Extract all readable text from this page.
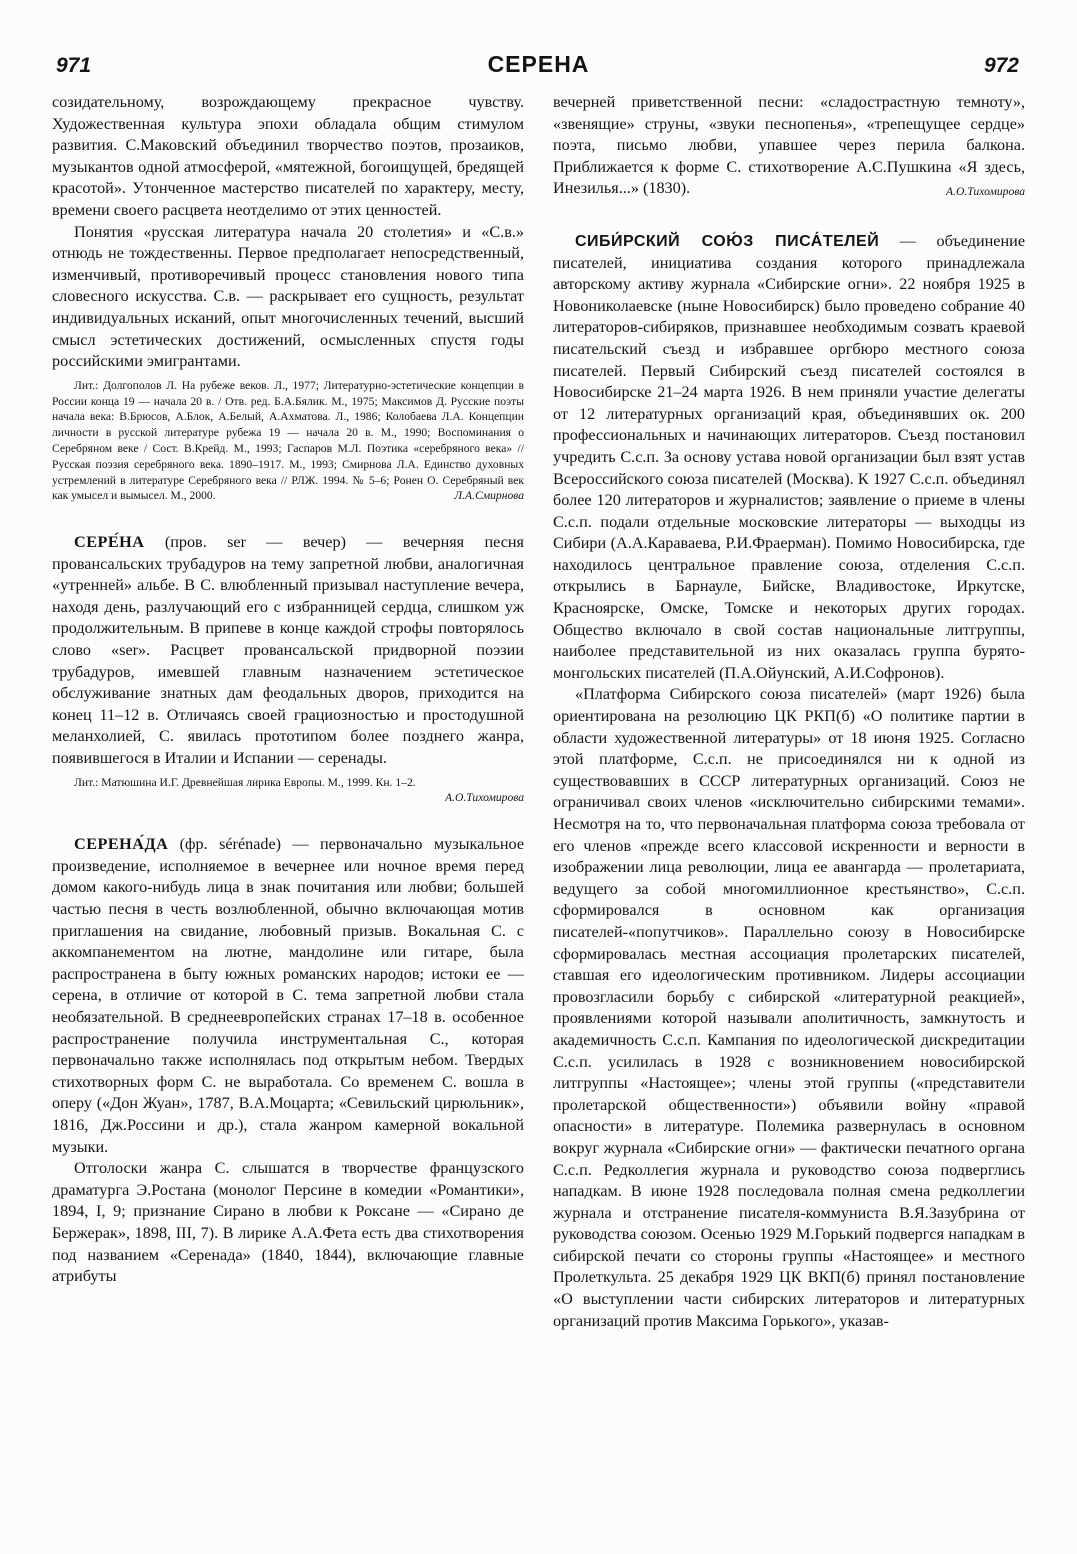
971	СЕРЕНА	972

созидательному, возрождающему прекрасное чувству. Художественная культура эпохи обладала общим стимулом развития. С.Маковский объединил творчество поэтов, прозаиков, музыкантов одной атмосферой, «мятежной, богоищущей, бредящей красотой». Утонченное мастерство писателей по характеру, месту, времени своего расцвета неотделимо от этих ценностей.

Понятия «русская литература начала 20 столетия» и «С.в.» отнюдь не тождественны. Первое предполагает непосредственный, изменчивый, противоречивый процесс становления нового типа словесного искусства. С.в. — раскрывает его сущность, результат индивидуальных исканий, опыт многочисленных течений, высший смысл эстетических достижений, осмысленных спустя годы российскими эмигрантами.

Лит.: Долгополов Л. На рубеже веков. Л., 1977; Литературно-эстетические концепции в России конца 19 — начала 20 в. / Отв. ред. Б.А.Бялик. М., 1975; Максимов Д. Русские поэты начала века: В.Брюсов, А.Блок, А.Белый, А.Ахматова. Л., 1986; Колобаева Л.А. Концепции личности в русской литературе рубежа 19 — начала 20 в. М., 1990; Воспоминания о Серебряном веке / Сост. В.Крейд. М., 1993; Гаспаров М.Л. Поэтика «серебряного века» // Русская поэзия серебряного века. 1890–1917. М., 1993; Смирнова Л.А. Единство духовных устремлений в литературе Серебряного века // РЛЖ. 1994. № 5–6; Ронен О. Серебряный век как умысел и вымысел. М., 2000.	Л.А.Смирнова

СЕРЕ́НА (пров. ser — вечер) — вечерняя песня провансальских трубадуров на тему запретной любви, аналогичная «утренней» альбе. В С. влюбленный призывал наступление вечера, находя день, разлучающий его с избранницей сердца, слишком уж продолжительным. В припеве в конце каждой строфы повторялось слово «ser». Расцвет провансальской придворной поэзии трубадуров, имевшей главным назначением эстетическое обслуживание знатных дам феодальных дворов, приходится на конец 11–12 в. Отличаясь своей грациозностью и простодушной меланхолией, С. явилась прототипом более позднего жанра, появившегося в Италии и Испании — серенады.

Лит.: Матюшина И.Г. Древнейшая лирика Европы. М., 1999. Кн. 1–2.
А.О.Тихомирова

СЕРЕНА́ДА (фр. sérénade) — первоначально музыкальное произведение, исполняемое в вечернее или ночное время перед домом какого-нибудь лица в знак почитания или любви; большей частью песня в честь возлюбленной, обычно включающая мотив приглашения на свидание, любовный призыв. Вокальная С. с аккомпанементом на лютне, мандолине или гитаре, была распространена в быту южных романских народов; истоки ее — серена, в отличие от которой в С. тема запретной любви стала необязательной. В среднеевропейских странах 17–18 в. особенное распространение получила инструментальная С., которая первоначально также исполнялась под открытым небом. Твердых стихотворных форм С. не выработала. Со временем С. вошла в оперу («Дон Жуан», 1787, В.А.Моцарта; «Севильский цирюльник», 1816, Дж.Россини и др.), стала жанром камерной вокальной музыки.

Отголоски жанра С. слышатся в творчестве французского драматурга Э.Ростана (монолог Персине в комедии «Романтики», 1894, I, 9; признание Сирано в любви к Роксане — «Сирано де Бержерак», 1898, III, 7). В лирике А.А.Фета есть два стихотворения под названием «Серенада» (1840, 1844), включающие главные атрибуты

вечерней приветственной песни: «сладострастную темноту», «звенящие» струны, «звуки песнопенья», «трепещущее сердце» поэта, письмо любви, упавшее через перила балкона. Приближается к форме С. стихотворение А.С.Пушкина «Я здесь, Инезилья...» (1830).	А.О.Тихомирова

СИБИ́РСКИЙ СОЮ́З ПИСА́ТЕЛЕЙ — объединение писателей, инициатива создания которого принадлежала авторскому активу журнала «Сибирские огни». 22 ноября 1925 в Новониколаевске (ныне Новосибирск) было проведено собрание 40 литераторов-сибиряков, признавшее необходимым созвать краевой писательский съезд и избравшее оргбюро местного союза писателей. Первый Сибирский съезд писателей состоялся в Новосибирске 21–24 марта 1926. В нем приняли участие делегаты от 12 литературных организаций края, объединявших ок. 200 профессиональных и начинающих литераторов. Съезд постановил учредить С.с.п. За основу устава новой организации был взят устав Всероссийского союза писателей (Москва). К 1927 С.с.п. объединял более 120 литераторов и журналистов; заявление о приеме в члены С.с.п. подали отдельные московские литераторы — выходцы из Сибири (А.А.Караваева, Р.И.Фраерман). Помимо Новосибирска, где находилось центральное правление союза, отделения С.с.п. открылись в Барнауле, Бийске, Владивостоке, Иркутске, Красноярске, Омске, Томске и некоторых других городах. Общество включало в свой состав национальные литгруппы, наиболее представительной из них оказалась группа бурято-монгольских писателей (П.А.Ойунский, А.И.Софронов).

«Платформа Сибирского союза писателей» (март 1926) была ориентирована на резолюцию ЦК РКП(б) «О политике партии в области художественной литературы» от 18 июня 1925. Согласно этой платформе, С.с.п. не присоединялся ни к одной из существовавших в СССР литературных организаций. Союз не ограничивал своих членов «исключительно сибирскими темами». Несмотря на то, что первоначальная платформа союза требовала от его членов «прежде всего классовой искренности и верности в изображении лица революции, лица ее авангарда — пролетариата, ведущего за собой многомиллионное крестьянство», С.с.п. сформировался в основном как организация писателей-«попутчиков». Параллельно союзу в Новосибирске сформировалась местная ассоциация пролетарских писателей, ставшая его идеологическим противником. Лидеры ассоциации провозгласили борьбу с сибирской «литературной реакцией», проявлениями которой называли аполитичность, замкнутость и академичность С.с.п. Кампания по идеологической дискредитации С.с.п. усилилась в 1928 с возникновением новосибирской литгруппы «Настоящее»; члены этой группы («представители пролетарской общественности») объявили войну «правой опасности» в литературе. Полемика развернулась в основном вокруг журнала «Сибирские огни» — фактически печатного органа С.с.п. Редколлегия журнала и руководство союза подверглись нападкам. В июне 1928 последовала полная смена редколлегии журнала и отстранение писателя-коммуниста В.Я.Зазубрина от руководства союзом. Осенью 1929 М.Горький подвергся нападкам в сибирской печати со стороны группы «Настоящее» и местного Пролеткульта. 25 декабря 1929 ЦК ВКП(б) принял постановление «О выступлении части сибирских литераторов и литературных организаций против Максима Горького», указав-
